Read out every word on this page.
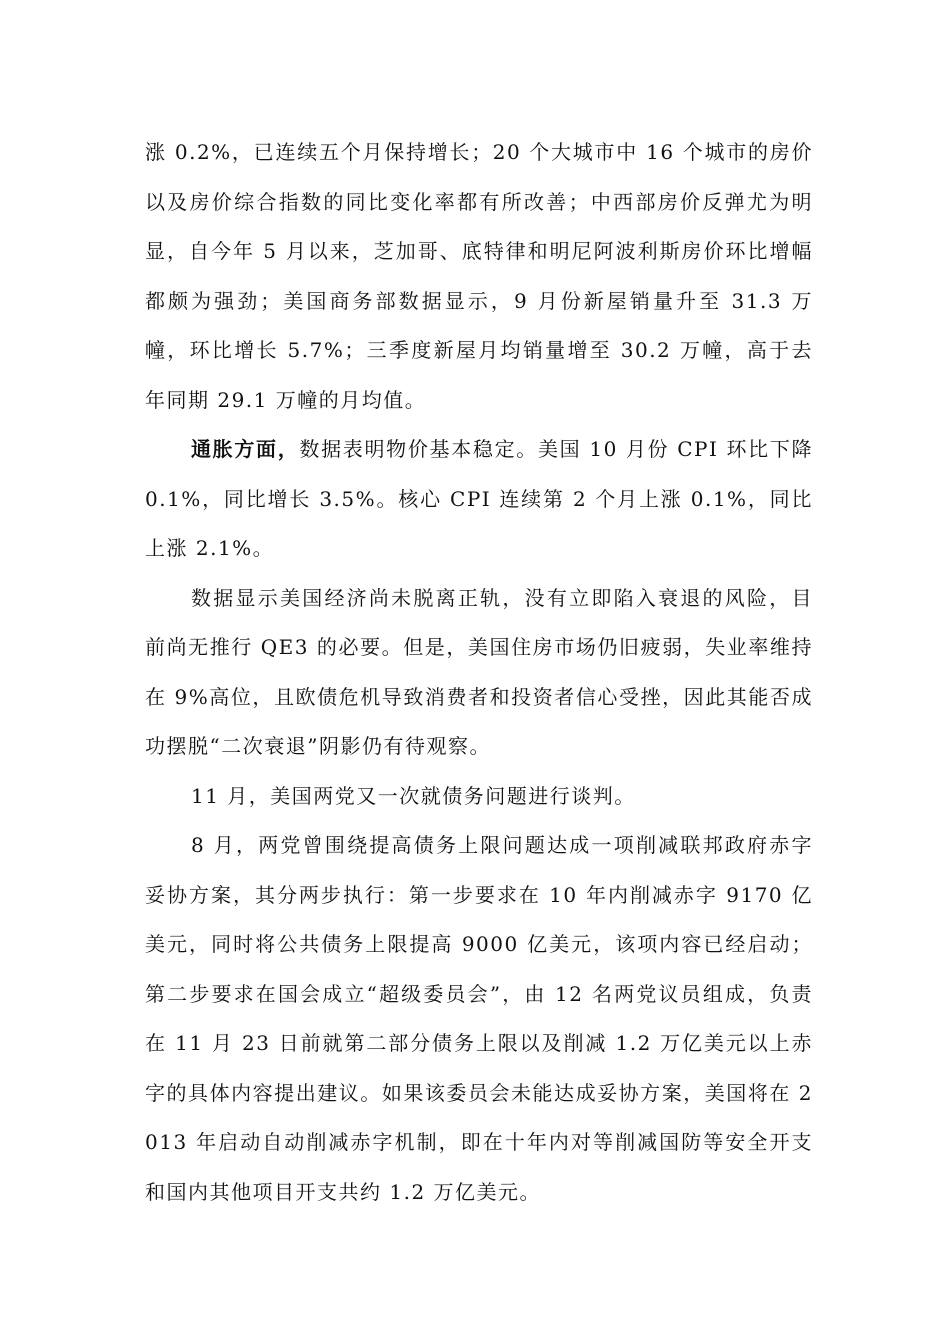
涨 0.2%，已连续五个月保持增长；20 个大城市中 16 个城市的房价以及房价综合指数的同比变化率都有所改善；中西部房价反弹尤为明显，自今年 5 月以来，芝加哥、底特律和明尼阿波利斯房价环比增幅都颇为强劲；美国商务部数据显示，9 月份新屋销量升至 31.3 万幢，环比增长 5.7%；三季度新屋月均销量增至 30.2 万幢，高于去年同期 29.1 万幢的月均值。

通胀方面，数据表明物价基本稳定。美国 10 月份 CPI 环比下降 0.1%，同比增长 3.5%。核心 CPI 连续第 2 个月上涨 0.1%，同比上涨 2.1%。

数据显示美国经济尚未脱离正轨，没有立即陷入衰退的风险，目前尚无推行 QE3 的必要。但是，美国住房市场仍旧疲弱，失业率维持在 9%高位，且欧债危机导致消费者和投资者信心受挫，因此其能否成功摆脱“二次衰退”阴影仍有待观察。

11 月，美国两党又一次就债务问题进行谈判。

8 月，两党曾围绕提高债务上限问题达成一项削减联邦政府赤字妥协方案，其分两步执行：第一步要求在 10 年内削减赤字 9170 亿美元，同时将公共债务上限提高 9000 亿美元，该项内容已经启动；第二步要求在国会成立“超级委员会”，由 12 名两党议员组成，负责在 11 月 23 日前就第二部分债务上限以及削减 1.2 万亿美元以上赤字的具体内容提出建议。如果该委员会未能达成妥协方案，美国将在 2013 年启动自动削减赤字机制，即在十年内对等削减国防等安全开支和国内其他项目开支共约 1.2 万亿美元。
